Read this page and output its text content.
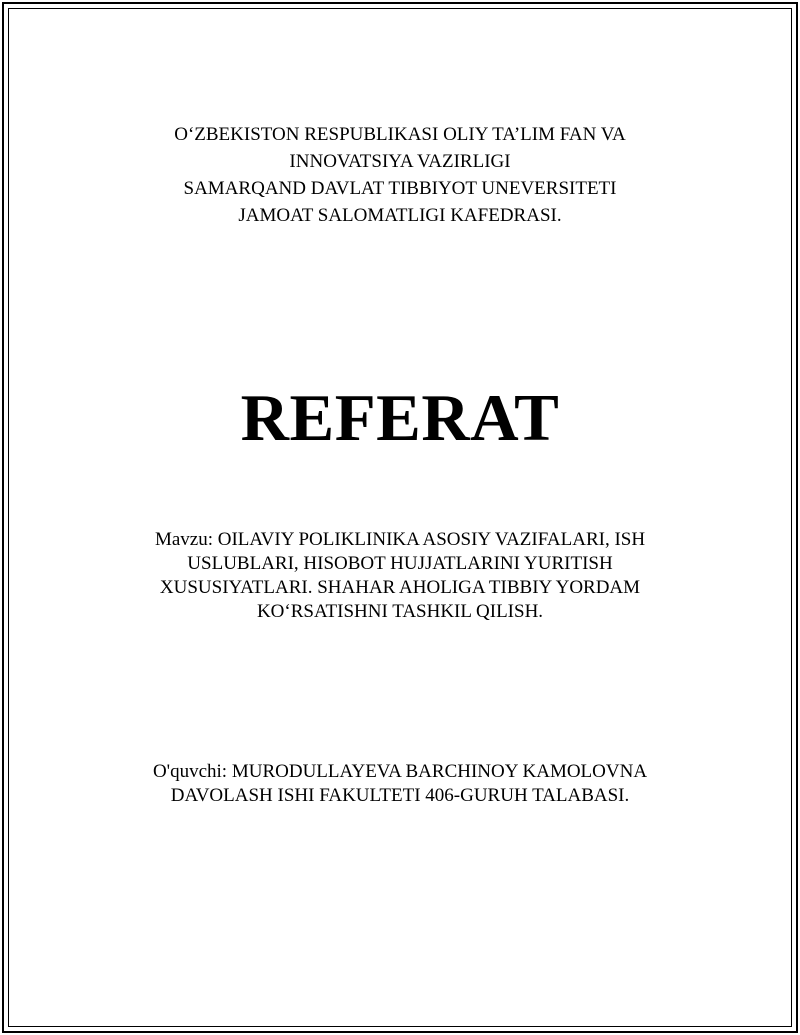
O‘ZBEKISTON RESPUBLIKASI OLIY TA’LIM FAN VA
INNOVATSIYA VAZIRLIGI
SAMARQAND DAVLAT TIBBIYOT UNEVERSITETI
JAMOAT SALOMATLIGI KAFEDRASI.
REFERAT
Mavzu: OILAVIY POLIKLINIKA ASOSIY VAZIFALARI, ISH
USLUBLARI, HISOBOT HUJJATLARINI YURITISH
XUSUSIYATLARI. SHAHAR AHOLIGA TIBBIY YORDAM
KO‘RSATISHNI TASHKIL QILISH.
O'quvchi: MURODULLAYEVA BARCHINOY KAMOLOVNA
DAVOLASH ISHI FAKULTETI 406-GURUH TALABASI.
